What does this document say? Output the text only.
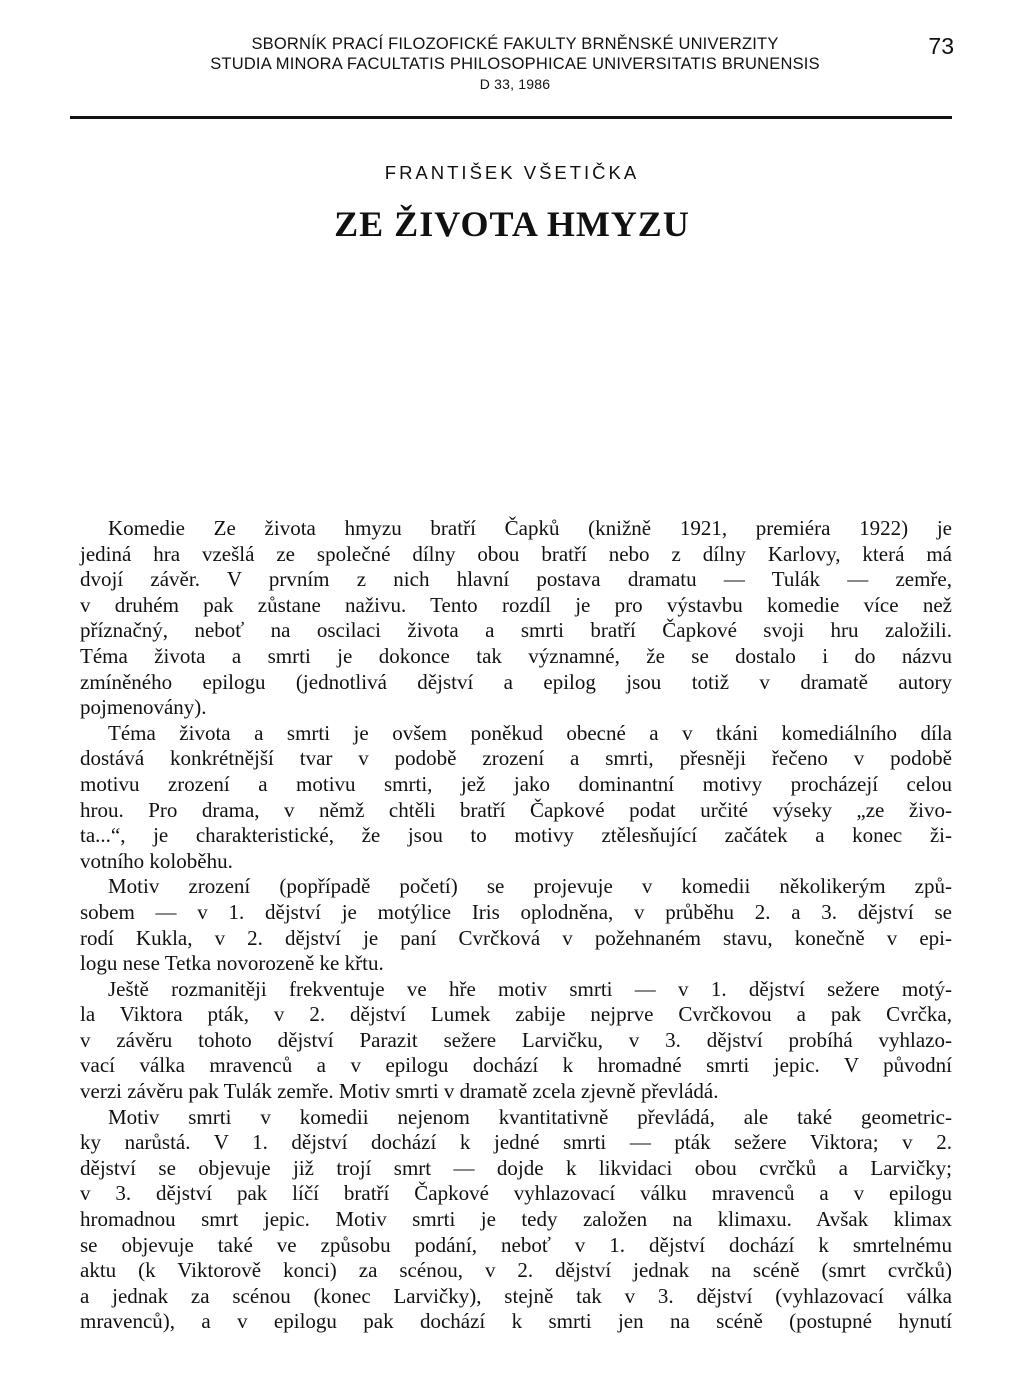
SBORNÍK PRACÍ FILOZOFICKÉ FAKULTY BRNĚNSKÉ UNIVERZITY
STUDIA MINORA FACULTATIS PHILOSOPHICAE UNIVERSITATIS BRUNENSIS
D 33, 1986
73
FRANTIŠEK VŠETIČKA
ZE ŽIVOTA HMYZU
Komedie Ze života hmyzu bratří Čapků (knižně 1921, premiéra 1922) je
jediná hra vzešlá ze společné dílny obou bratří nebo z dílny Karlovy, která má
dvojí závěr. V prvním z nich hlavní postava dramatu — Tulák — zemře,
v druhém pak zůstane naživu. Tento rozdíl je pro výstavbu komedie více než
příznačný, neboť na oscilaci života a smrti bratří Čapkové svoji hru založili.
Téma života a smrti je dokonce tak významné, že se dostalo i do názvu
zmíněného epilogu (jednotlivá dějství a epilog jsou totiž v dramatě autory
pojmenovány).
Téma života a smrti je ovšem poněkud obecné a v tkáni komediálního díla
dostává konkrétnější tvar v podobě zrození a smrti, přesněji řečeno v podobě
motivu zrození a motivu smrti, jež jako dominantní motivy procházejí celou
hrou. Pro drama, v němž chtěli bratří Čapkové podat určité výseky „ze živo-
ta...“, je charakteristické, že jsou to motivy ztělesňující začátek a konec ži-
votního koloběhu.
Motiv zrození (popřípadě početí) se projevuje v komedii několikerým způ-
sobem — v 1. dějství je motýlice Iris oplodněna, v průběhu 2. a 3. dějství se
rodí Kukla, v 2. dějství je paní Cvrčková v požehnaném stavu, konečně v epi-
logu nese Tetka novorozeně ke křtu.
Ještě rozmanitěji frekventuje ve hře motiv smrti — v 1. dějství sežere motý-
la Viktora pták, v 2. dějství Lumek zabije nejprve Cvrčkovou a pak Cvrčka,
v závěru tohoto dějství Parazit sežere Larvičku, v 3. dějství probíhá vyhlazo-
vací válka mravenců a v epilogu dochází k hromadné smrti jepic. V původní
verzi závěru pak Tulák zemře. Motiv smrti v dramatě zcela zjevně převládá.
Motiv smrti v komedii nejenom kvantitativně převládá, ale také geometric-
ky narůstá. V 1. dějství dochází k jedné smrti — pták sežere Viktora; v 2.
dějství se objevuje již trojí smrt — dojde k likvidaci obou cvrčků a Larvičky;
v 3. dějství pak líčí bratří Čapkové vyhlazovací válku mravenců a v epilogu
hromadnou smrt jepic. Motiv smrti je tedy založen na klimaxu. Avšak klimax
se objevuje také ve způsobu podání, neboť v 1. dějství dochází k smrtelnému
aktu (k Viktorově konci) za scénou, v 2. dějství jednak na scéně (smrt cvrčků)
a jednak za scénou (konec Larvičky), stejně tak v 3. dějství (vyhlazovací válka
mravenců), a v epilogu pak dochází k smrti jen na scéně (postupné hynutí
